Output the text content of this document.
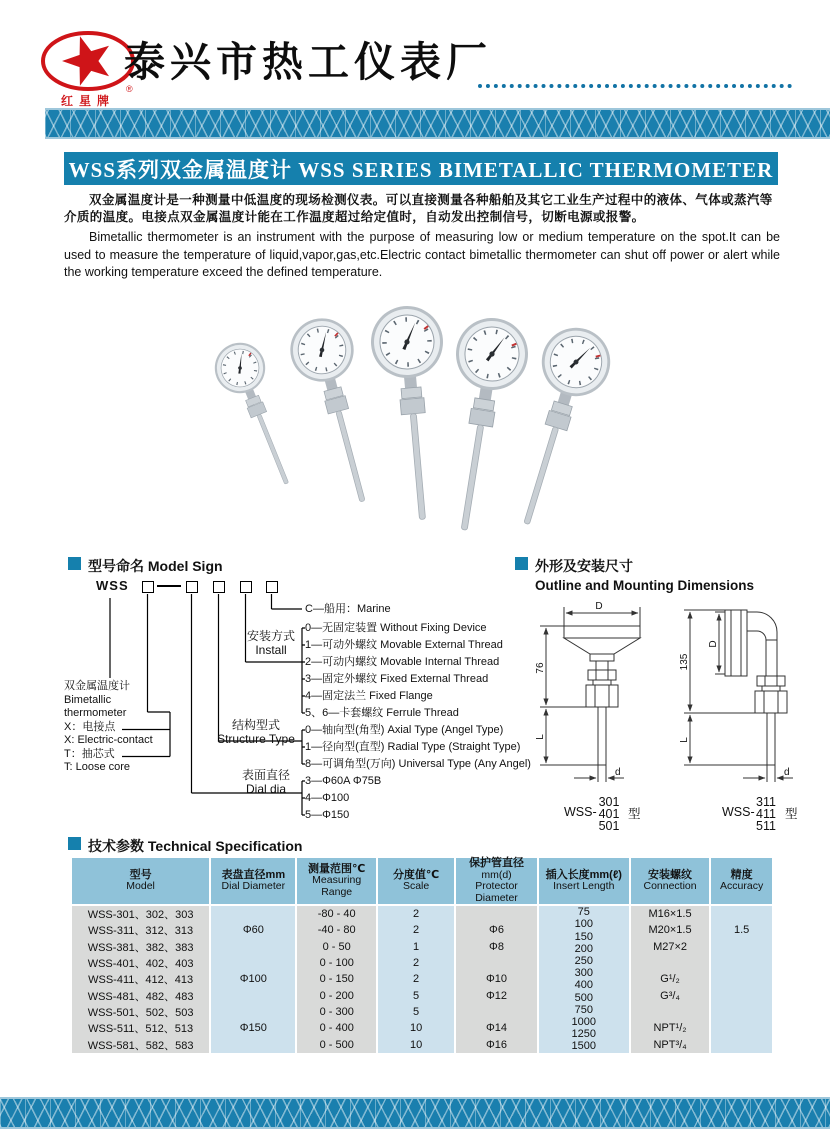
®
红星牌
泰兴市热工仪表厂
WSS系列双金属温度计 WSS SERIES BIMETALLIC THERMOMETER

双金属温度计是一种测量中低温度的现场检测仪表。可以直接测量各种船舶及其它工业生产过程中的液体、气体或蒸汽等介质的温度。电接点双金属温度计能在工作温度超过给定值时，自动发出控制信号，切断电源或报警。

Bimetallic thermometer is an instrument with the purpose of measuring low or medium temperature on the spot.It can be used to measure the temperature of liquid,vapor,gas,etc.Electric contact bimetallic thermometer can shut off power or alert while the working temperature exceed the defined temperature.

型号命名 Model Sign
WSS
C—船用：Marine
0—无固定装置 Without Fixing Device
1—可动外螺纹 Movable External Thread
2—可动内螺纹 Movable Internal Thread
3—固定外螺纹 Fixed External Thread
4—固定法兰 Fixed Flange
5、6—卡套螺纹 Ferrule Thread
0—轴向型(角型) Axial Type (Angel Type)
1—径向型(直型) Radial Type (Straight Type)
8—可调角型(万向) Universal Type (Any Angel)
3—Φ60A Φ75B
4—Φ100
5—Φ150
安装方式
Install
结构型式
Structure Type
表面直径
Dial dia
双金属温度计
Bimetallic
thermometer
X：电接点
X: Electric-contact
T：抽芯式
T: Loose core
外形及安装尺寸
Outline and Mounting Dimensions
D
76
L
d
135
L
D
d
WSS-
301
401
501
型	WSS-
311
411
511
型
技术参数 Technical Specification
型号
Model
表盘直径mm
Dial Diameter
测量范围℃
Measuring
Range
分度值℃
Scale
保护管直径
mm(d)
Protector
Diameter
插入长度mm(ℓ)
Insert Length
安装螺纹
Connection
精度
Accuracy
WSS-301、302、303
WSS-311、312、313
WSS-381、382、383
WSS-401、402、403
WSS-411、412、413
WSS-481、482、483
WSS-501、502、503
WSS-511、512、513
WSS-581、582、583
Φ60
Φ100
Φ150
-80 - 40
-40 - 80
0 - 50
0 - 100
0 - 150
0 - 200
0 - 300
0 - 400
0 - 500
2
2
1
2
2
5
5
10
10
Φ6
Φ8
Φ10
Φ12
Φ14
Φ16
75
100
150
200
250
300
400
500
750
1000
1250
1500
M16×1.5
M20×1.5
M27×2
G¹/₂
G³/₄
NPT¹/₂
NPT³/₄
1.5
